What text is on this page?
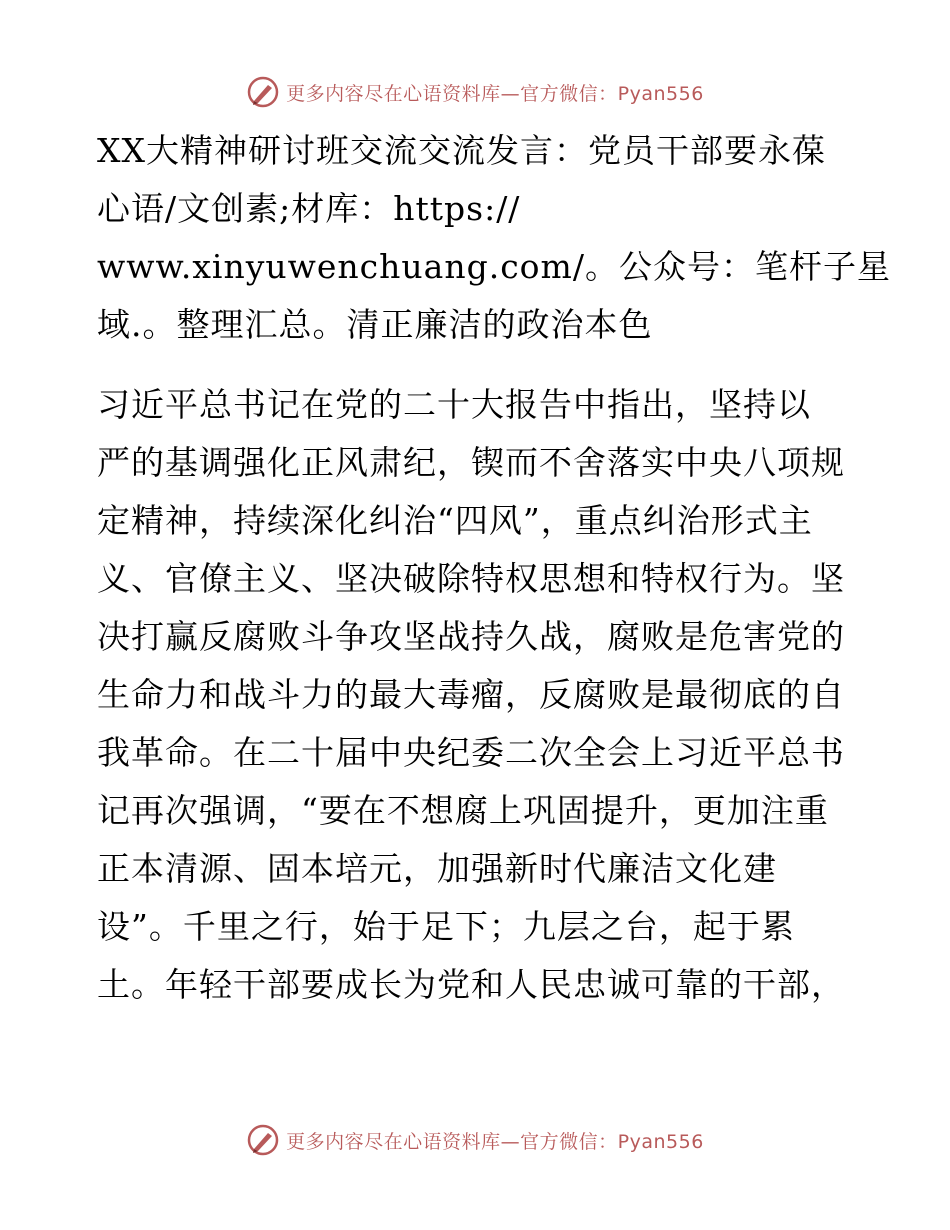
更多内容尽在心语资料库—官方微信：Pyan556
XX大精神研讨班交流交流发言：党员干部要永葆
心语/文创素;材库：https://
www.xinyuwenchuang.com/。公众号：笔杆子星
域.。整理汇总。清正廉洁的政治本色
习近平总书记在党的二十大报告中指出，坚持以
严的基调强化正风肃纪，锲而不舍落实中央八项规
定精神，持续深化纠治“四风”，重点纠治形式主
义、官僚主义、坚决破除特权思想和特权行为。坚
决打赢反腐败斗争攻坚战持久战，腐败是危害党的
生命力和战斗力的最大毒瘤，反腐败是最彻底的自
我革命。在二十届中央纪委二次全会上习近平总书
记再次强调，“要在不想腐上巩固提升，更加注重
正本清源、固本培元，加强新时代廉洁文化建
设”。千里之行，始于足下；九层之台，起于累
土。年轻干部要成长为党和人民忠诚可靠的干部，
更多内容尽在心语资料库—官方微信：Pyan556
